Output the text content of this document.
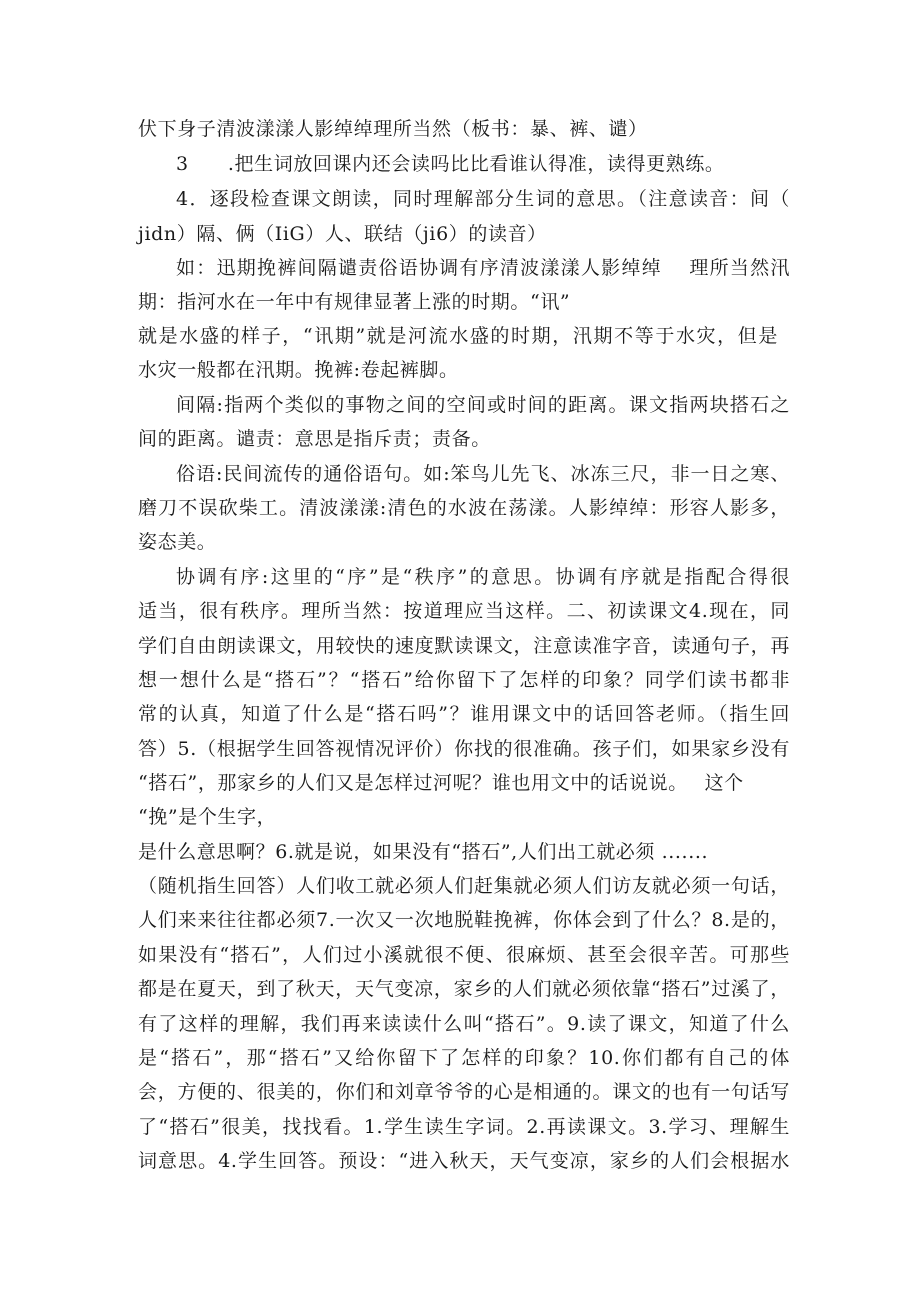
伏下身子清波漾漾人影绰绰理所当然（板书：暴、裤、谴）

3　　.把生词放回课内还会读吗比比看谁认得准，读得更熟练。

4．逐段检查课文朗读，同时理解部分生词的意思。（注意读音：间（

jidn）隔、俩（IiG）人、联结（ji6）的读音）

如：迅期挽裤间隔谴责俗语协调有序清波漾漾人影绰绰　 理所当然汛

期：指河水在一年中有规律显著上涨的时期。“讯”

就是水盛的样子，“讯期”就是河流水盛的时期，汛期不等于水灾，但是

水灾一般都在汛期。挽裤:卷起裤脚。

间隔:指两个类似的事物之间的空间或时间的距离。课文指两块搭石之

间的距离。谴责：意思是指斥责；责备。

俗语:民间流传的通俗语句。如:笨鸟儿先飞、冰冻三尺，非一日之寒、

磨刀不误砍柴工。清波漾漾:清色的水波在荡漾。人影绰绰：形容人影多，

姿态美。

协调有序:这里的“序”是“秩序”的意思。协调有序就是指配合得很

适当，很有秩序。理所当然：按道理应当这样。二、初读课文4.现在，同

学们自由朗读课文，用较快的速度默读课文，注意读准字音，读通句子，再

想一想什么是“搭石”？“搭石”给你留下了怎样的印象？同学们读书都非

常的认真，知道了什么是“搭石吗”？谁用课文中的话回答老师。（指生回

答）5.（根据学生回答视情况评价）你找的很准确。孩子们，如果家乡没有

“搭石”，那家乡的人们又是怎样过河呢？谁也用文中的话说说。　 这个

“挽”是个生字，

是什么意思啊？6.就是说，如果没有“搭石”,人们出工就必须 .......

（随机指生回答）人们收工就必须人们赶集就必须人们访友就必须一句话，

人们来来往往都必须7.一次又一次地脱鞋挽裤，你体会到了什么？8.是的，

如果没有“搭石”，人们过小溪就很不便、很麻烦、甚至会很辛苦。可那些

都是在夏天，到了秋天，天气变凉，家乡的人们就必须依靠“搭石”过溪了，

有了这样的理解，我们再来读读什么叫“搭石”。9.读了课文，知道了什么

是“搭石”，那“搭石”又给你留下了怎样的印象？10.你们都有自己的体

会，方便的、很美的，你们和刘章爷爷的心是相通的。课文的也有一句话写

了“搭石”很美，找找看。1.学生读生字词。2.再读课文。3.学习、理解生

词意思。4.学生回答。预设：“进入秋天，天气变凉，家乡的人们会根据水
